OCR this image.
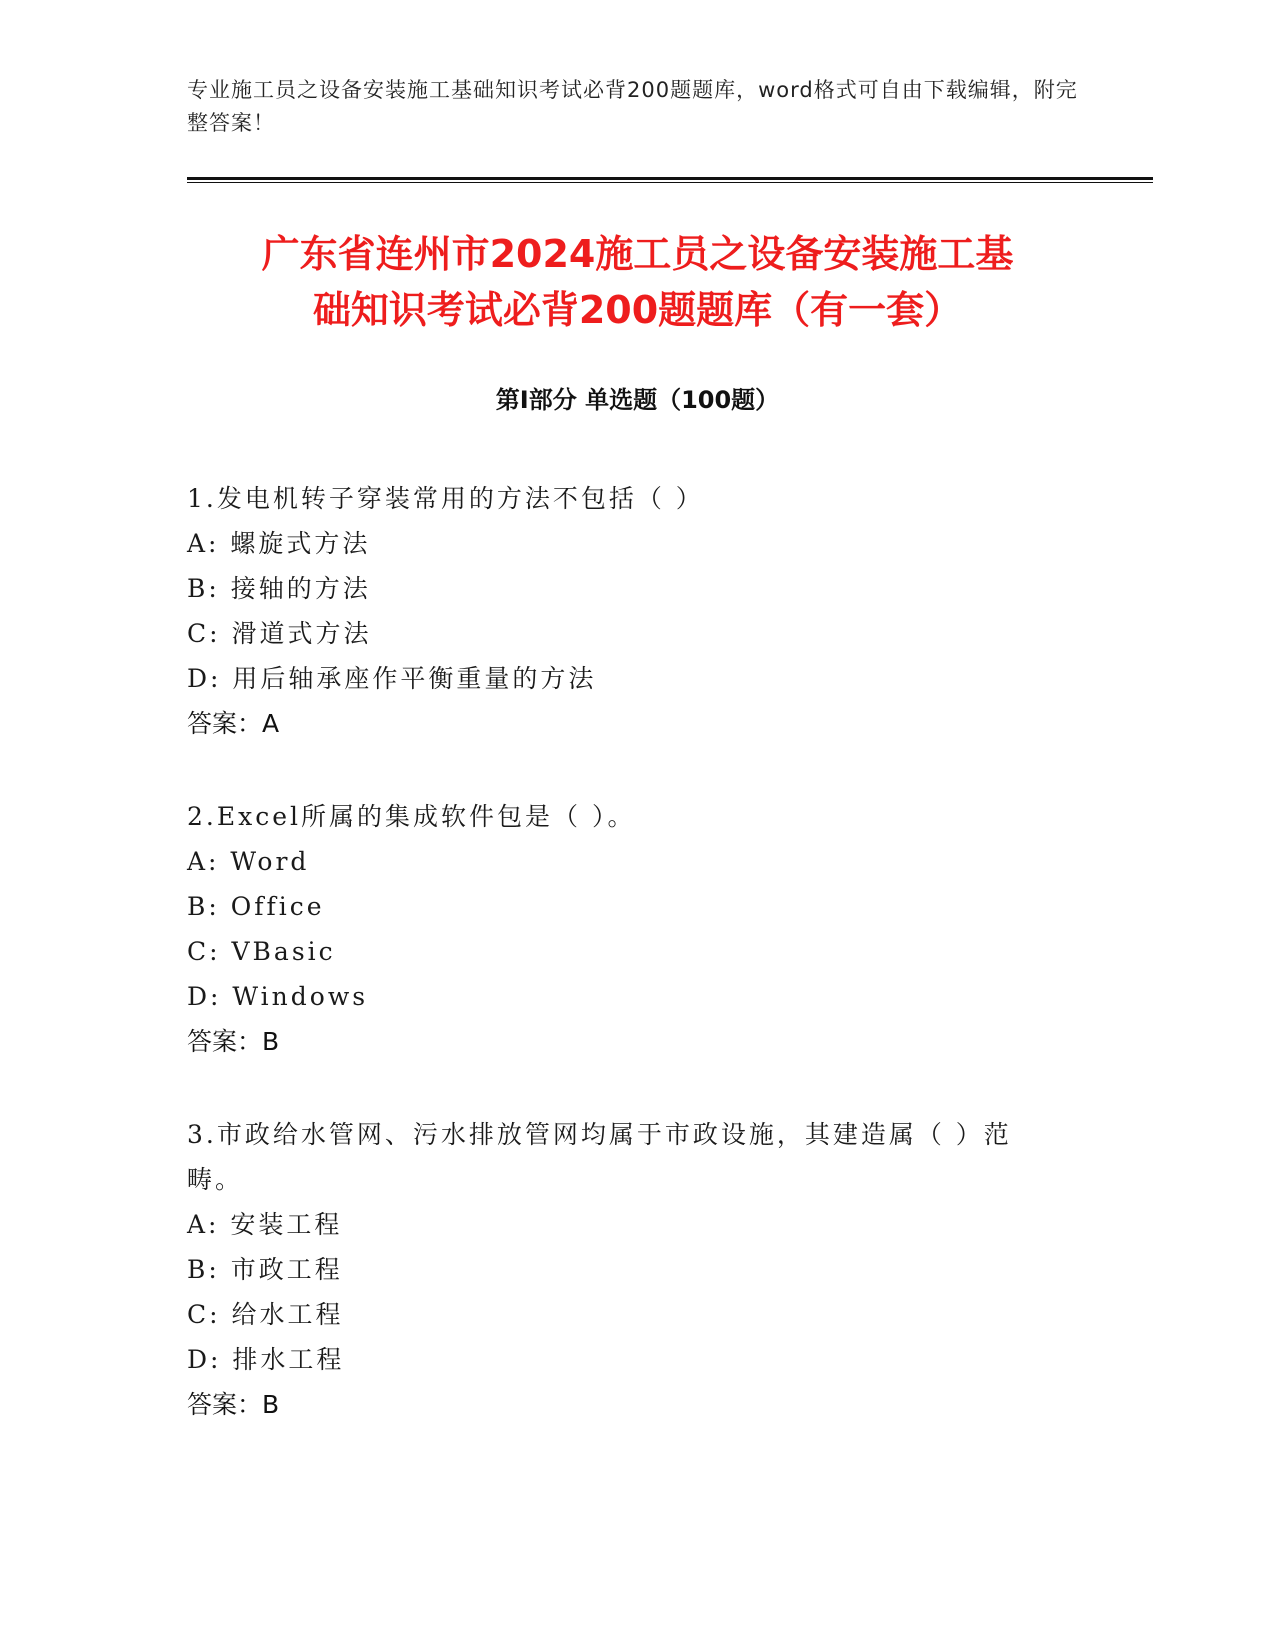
专业施工员之设备安装施工基础知识考试必背200题题库，word格式可自由下载编辑，附完整答案！

广东省连州市2024施工员之设备安装施工基
础知识考试必背200题题库（有一套）
第I部分 单选题（100题）

1.发电机转子穿装常用的方法不包括（ ）

A: 螺旋式方法

B: 接轴的方法

C: 滑道式方法

D: 用后轴承座作平衡重量的方法

答案：A

2.Excel所属的集成软件包是（ ）。

A: Word

B: Office

C: VBasic

D: Windows

答案：B

3.市政给水管网、污水排放管网均属于市政设施，其建造属（ ）范畴。

A: 安装工程

B: 市政工程

C: 给水工程

D: 排水工程

答案：B
